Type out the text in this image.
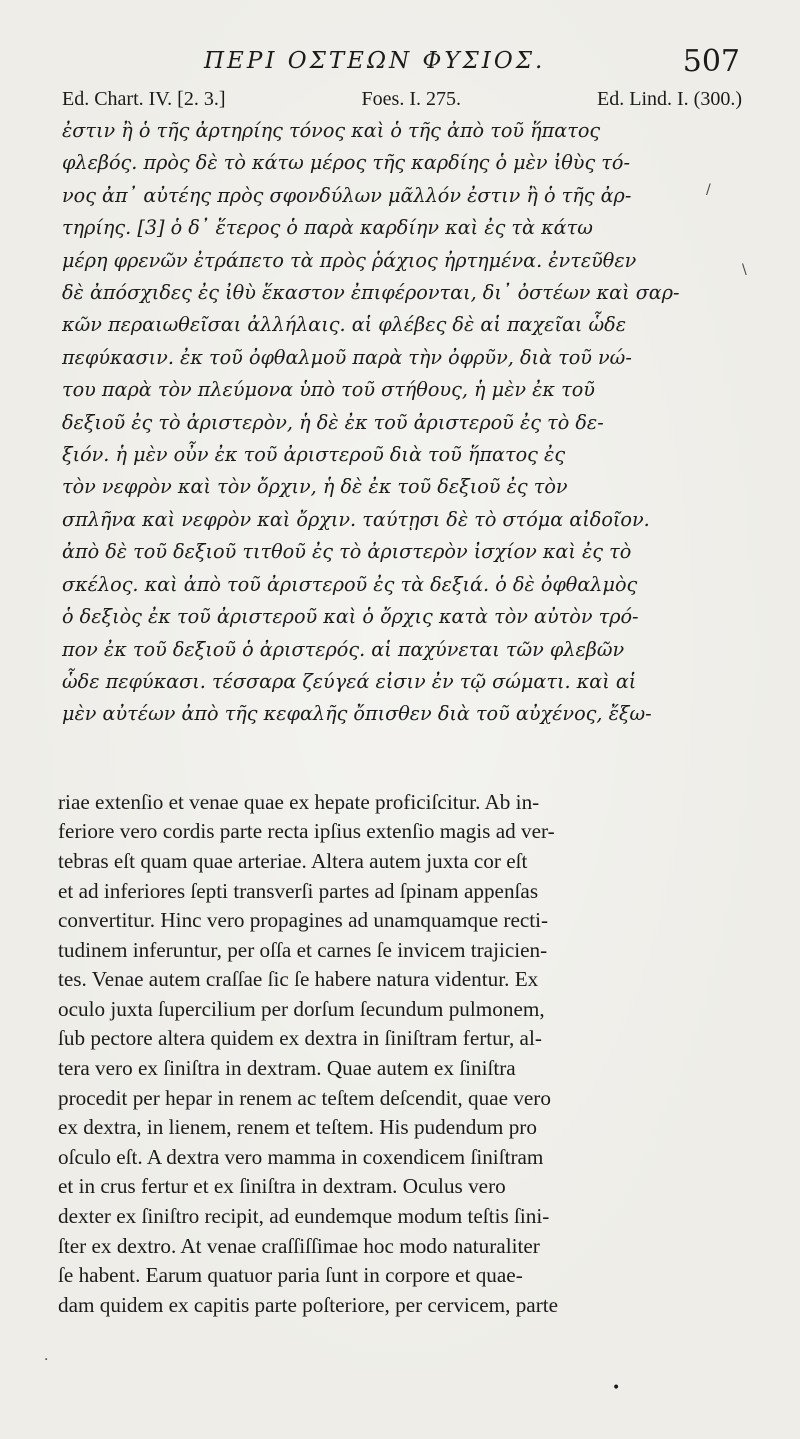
ΠΕΡΙ ΟΣΤΕΩΝ ΦΥΣΙΟΣ.	507
Ed. Chart. IV. [2. 3.]	Foes. I. 275.	Ed. Lind. I. (300.)
ἐστιν ἢ ὁ τῆς ἀρτηρίης τόνος καὶ ὁ τῆς ἀπὸ τοῦ ἥπατος
φλεβός. πρὸς δὲ τὸ κάτω μέρος τῆς καρδίης ὁ μὲν ἰθὺς τό-
νος ἀπ᾽ αὐτέης πρὸς σφονδύλων μᾶλλόν ἐστιν ἢ ὁ τῆς ἀρ-
τηρίης. [3] ὁ δ᾽ ἕτερος ὁ παρὰ καρδίην καὶ ἐς τὰ κάτω
μέρη φρενῶν ἐτράπετο τὰ πρὸς ῥάχιος ἠρτημένα. ἐντεῦθεν
δὲ ἀπόσχιδες ἐς ἰθὺ ἕκαστον ἐπιφέρονται, δι᾽ ὀστέων καὶ σαρ-
κῶν περαιωθεῖσαι ἀλλήλαις. αἱ φλέβες δὲ αἱ παχεῖαι ὧδε
πεφύκασιν. ἐκ τοῦ ὀφθαλμοῦ παρὰ τὴν ὀφρῦν, διὰ τοῦ νώ-
του παρὰ τὸν πλεύμονα ὑπὸ τοῦ στήθους, ἡ μὲν ἐκ τοῦ
δεξιοῦ ἐς τὸ ἀριστερὸν, ἡ δὲ ἐκ τοῦ ἀριστεροῦ ἐς τὸ δε-
ξιόν. ἡ μὲν οὖν ἐκ τοῦ ἀριστεροῦ διὰ τοῦ ἥπατος ἐς
τὸν νεφρὸν καὶ τὸν ὄρχιν, ἡ δὲ ἐκ τοῦ δεξιοῦ ἐς τὸν
σπλῆνα καὶ νεφρὸν καὶ ὄρχιν. ταύτῃσι δὲ τὸ στόμα αἰδοῖον.
ἀπὸ δὲ τοῦ δεξιοῦ τιτθοῦ ἐς τὸ ἀριστερὸν ἰσχίον καὶ ἐς τὸ
σκέλος. καὶ ἀπὸ τοῦ ἀριστεροῦ ἐς τὰ δεξιά. ὁ δὲ ὀφθαλμὸς
ὁ δεξιὸς ἐκ τοῦ ἀριστεροῦ καὶ ὁ ὄρχις κατὰ τὸν αὐτὸν τρό-
πον ἐκ τοῦ δεξιοῦ ὁ ἀριστερός. αἱ παχύνεται τῶν φλεβῶν
ὧδε πεφύκασι. τέσσαρα ζεύγεά εἰσιν ἐν τῷ σώματι. καὶ αἱ
μὲν αὐτέων ἀπὸ τῆς κεφαλῆς ὄπισθεν διὰ τοῦ αὐχένος, ἔξω-
riae extenſio et venae quae ex hepate proficiſcitur. Ab in-
feriore vero cordis parte recta ipſius extenſio magis ad ver-
tebras eſt quam quae arteriae. Altera autem juxta cor eſt
et ad inferiores ſepti transverſi partes ad ſpinam appenſas
convertitur. Hinc vero propagines ad unamquamque recti-
tudinem inferuntur, per oſſa et carnes ſe invicem trajicien-
tes. Venae autem craſſae ſic ſe habere natura videntur. Ex
oculo juxta ſupercilium per dorſum ſecundum pulmonem,
ſub pectore altera quidem ex dextra in ſiniſtram fertur, al-
tera vero ex ſiniſtra in dextram. Quae autem ex ſiniſtra
procedit per hepar in renem ac teſtem deſcendit, quae vero
ex dextra, in lienem, renem et teſtem. His pudendum pro
oſculo eſt. A dextra vero mamma in coxendicem ſiniſtram
et in crus fertur et ex ſiniſtra in dextram. Oculus vero
dexter ex ſiniſtro recipit, ad eundemque modum teſtis ſini-
ſter ex dextro. At venae craſſiſſimae hoc modo naturaliter
ſe habent. Earum quatuor paria ſunt in corpore et quae-
dam quidem ex capitis parte poſteriore, per cervicem, parte
\
/
·
•
